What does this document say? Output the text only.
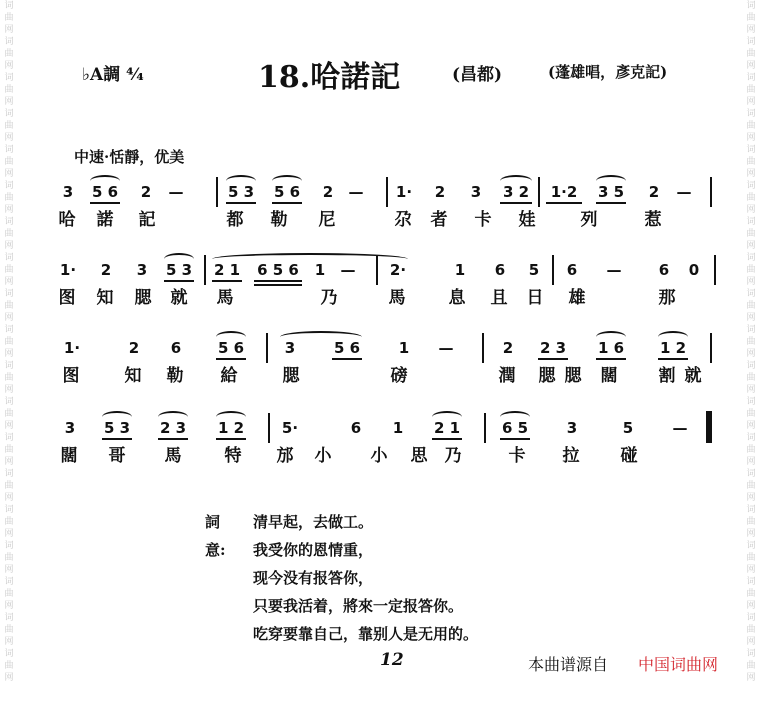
词
曲
网
词
曲
网
词
曲
网
词
曲
网
词
曲
网
词
曲
网
词
曲
网
词
曲
网
词
曲
网
词
曲
网
词
曲
网
词
曲
网
词
曲
网
词
曲
网
词
曲
网
词
曲
网
词
曲
网
词
曲
网
词
曲
网
词
曲
网
词
曲
网
词
曲
网
词
曲
网
词
曲
网
词
曲
网
词
曲
网
词
曲
网
词
曲
网
词
曲
网
词
曲
网
词
曲
网
词
曲
网
词
曲
网
词
曲
网
词
曲
网
词
曲
网
词
曲
网
词
曲
网
♭A調 ⁴⁄₄	18.哈諾記	(昌都)	(蓬雄唱，彥克記)
中速·恬靜，优美
3	5 6	2	—	5 3 5 6	2	— 1·	2	3	3 2	1·2	3 5	2	—
哈 諾 記	都 勒 尼	尕 者 卡 娃	列	惹
1·	2	3	5 3 2 1	6 5 6	1	— 2·	1	6	5	6	—	6	0
图 知 腮 就 馬	乃	馬	息 且 日 雄	那
1·	2	6	5 6	3	5 6	1	—	2	2 3 1 6 1 2
图	知 勒 給	腮	磅	潤 腮 腮 闊 割 就
3	5 3 2 3 1 2	5·	6	1	2 1	6 5	3	5	—
闊 哥 馬	特 邡 小 小 思 乃	卡 拉 碰
詞意:
清早起，去做工。
我受你的恩情重，
现今没有报答你，
只要我活着，將來一定报答你。
吃穿要靠自己，靠别人是无用的。
12	本曲谱源自 中国词曲网
